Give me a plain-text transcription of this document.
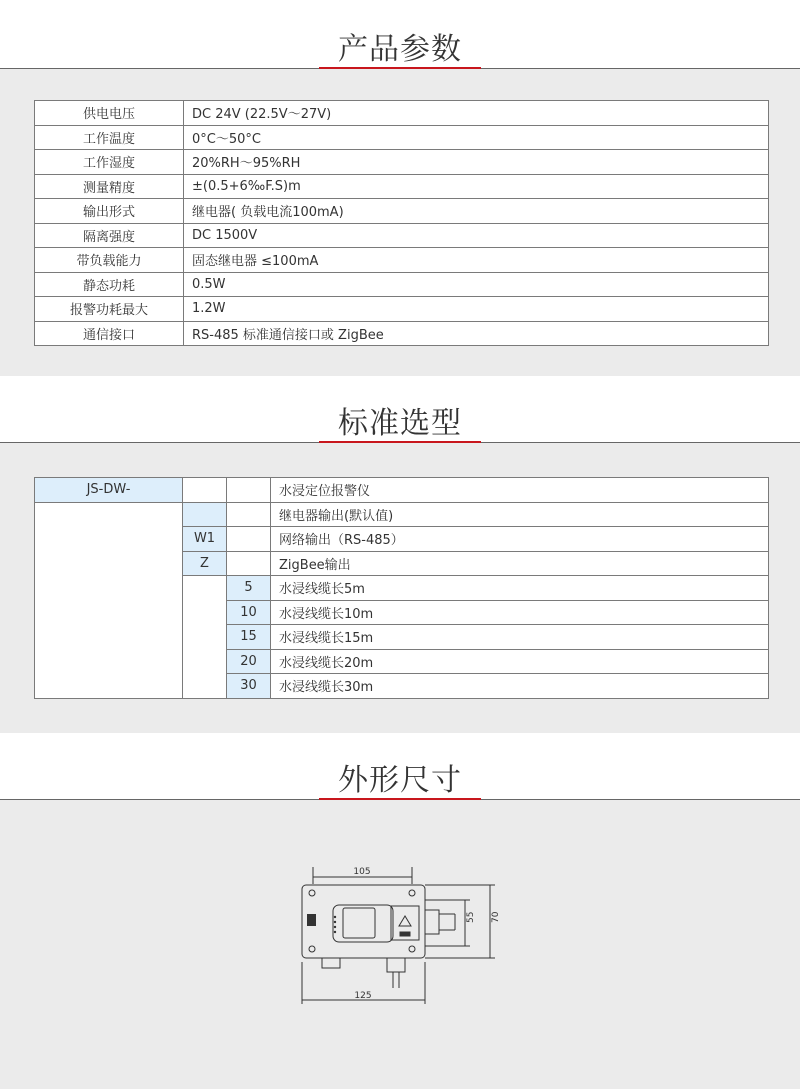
产品参数
供电电压	DC 24V (22.5V～27V)
工作温度	0°C～50°C
工作湿度	20%RH～95%RH
测量精度	±(0.5+6‰F.S)m
输出形式	继电器( 负载电流100mA)
隔离强度	DC 1500V
带负载能力	固态继电器 ≤100mA
静态功耗	0.5W
报警功耗最大	1.2W
通信接口	RS-485 标准通信接口或 ZigBee
标准选型
JS-DW-			水浸定位报警仪
			继电器输出(默认值)
	W1		网络输出（RS-485）
	Z		ZigBee输出
		5	水浸线缆长5m
		10	水浸线缆长10m
		15	水浸线缆长15m
		20	水浸线缆长20m
		30	水浸线缆长30m
外形尺寸
105
125
55 70
